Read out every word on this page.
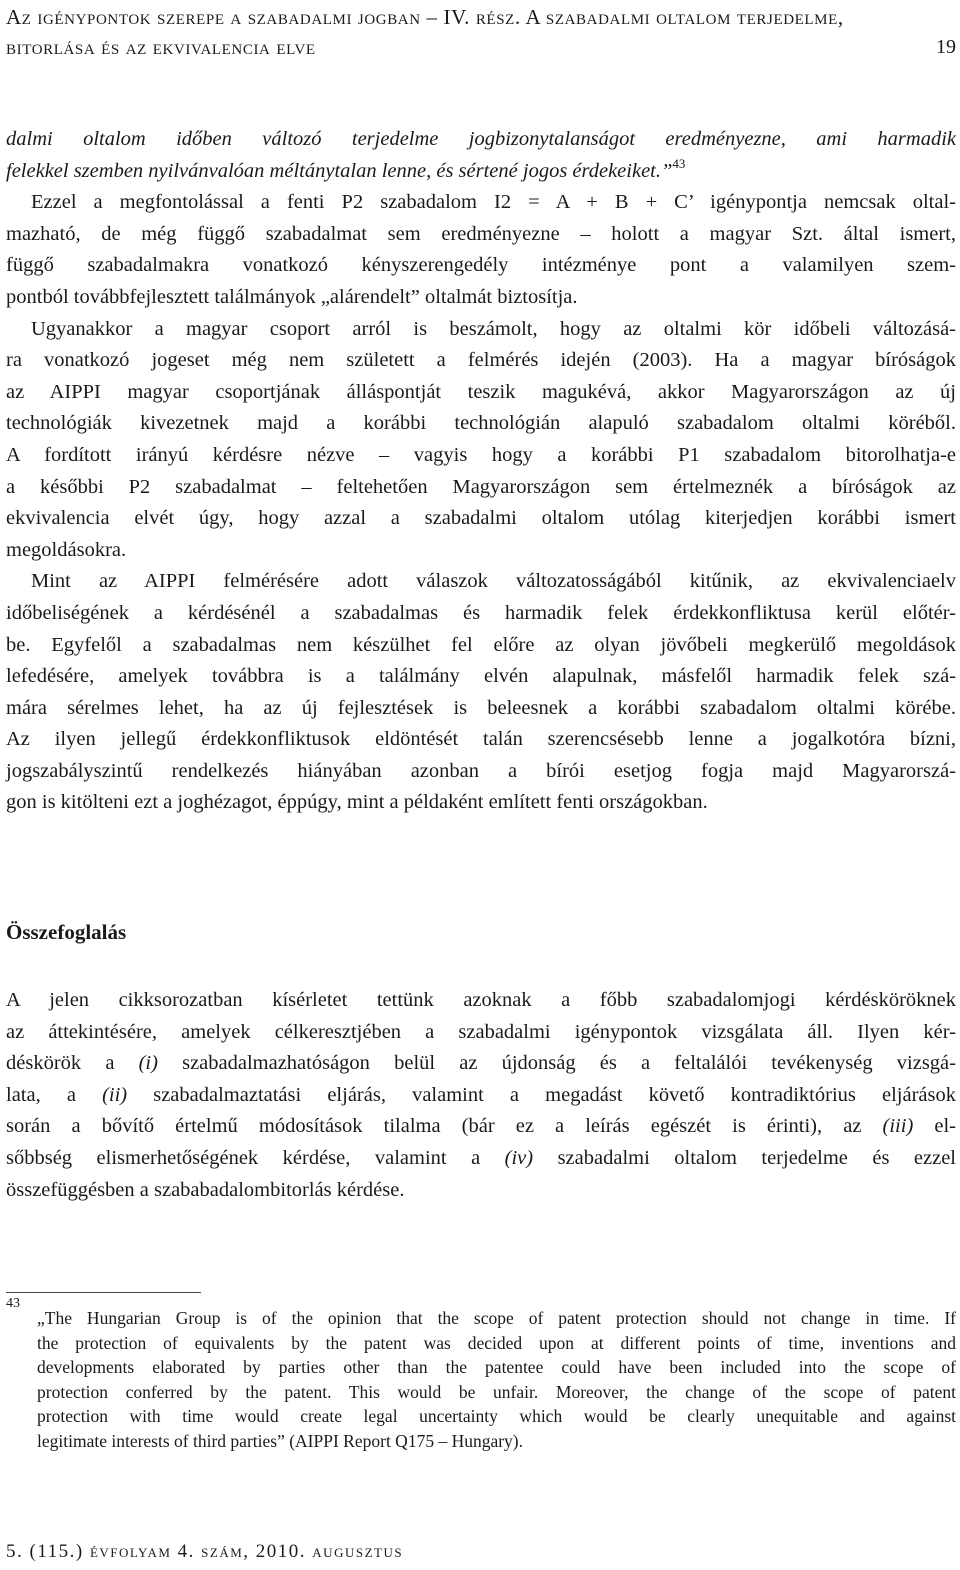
Az igénypontok szerepe a szabadalmi jogban – IV. rész. A szabadalmi oltalom terjedelme,
bitorlása és az ekvivalencia elve	19
dalmi oltalom időben változó terjedelme jogbizonytalanságot eredményezne, ami harmadik
felekkel szemben nyilvánvalóan méltánytalan lenne, és sértené jogos érdekeiket.”$^{43}$
Ezzel a megfontolással a fenti P2 szabadalom I2 = A + B + C’ igénypontja nemcsak oltal-
mazható, de még függő szabadalmat sem eredményezne – holott a magyar Szt. által ismert,
függő szabadalmakra vonatkozó kényszerengedély intézménye pont a valamilyen szem-
pontból továbbfejlesztett találmányok „alárendelt” oltalmát biztosítja.
Ugyanakkor a magyar csoport arról is beszámolt, hogy az oltalmi kör időbeli változásá-
ra vonatkozó jogeset még nem született a felmérés idején (2003). Ha a magyar bíróságok
az AIPPI magyar csoportjának álláspontját teszik magukévá, akkor Magyarországon az új
technológiák kivezetnek majd a korábbi technológián alapuló szabadalom oltalmi köréből.
A fordított irányú kérdésre nézve – vagyis hogy a korábbi P1 szabadalom bitorolhatja-e
a későbbi P2 szabadalmat – feltehetően Magyarországon sem értelmeznék a bíróságok az
ekvivalencia elvét úgy, hogy azzal a szabadalmi oltalom utólag kiterjedjen korábbi ismert
megoldásokra.
Mint az AIPPI felmérésére adott válaszok változatosságából kitűnik, az ekvivalenciaelv
időbeliségének a kérdésénél a szabadalmas és harmadik felek érdekkonfliktusa kerül előtér-
be. Egyfelől a szabadalmas nem készülhet fel előre az olyan jövőbeli megkerülő megoldások
lefedésére, amelyek továbbra is a találmány elvén alapulnak, másfelől harmadik felek szá-
mára sérelmes lehet, ha az új fejlesztések is beleesnek a korábbi szabadalom oltalmi körébe.
Az ilyen jellegű érdekkonfliktusok eldöntését talán szerencsésebb lenne a jogalkotóra bízni,
jogszabályszintű rendelkezés hiányában azonban a bírói esetjog fogja majd Magyarorszá-
gon is kitölteni ezt a joghézagot, éppúgy, mint a példaként említett fenti országokban.
Összefoglalás
A jelen cikksorozatban kísérletet tettünk azoknak a főbb szabadalomjogi kérdésköröknek
az áttekintésére, amelyek célkeresztjében a szabadalmi igénypontok vizsgálata áll. Ilyen kér-
déskörök a (i) szabadalmazhatóságon belül az újdonság és a feltalálói tevékenység vizsgá-
lata, a (ii) szabadalmaztatási eljárás, valamint a megadást követő kontradiktórius eljárások
során a bővítő értelmű módosítások tilalma (bár ez a leírás egészét is érinti), az (iii) el-
sőbbség elismerhetőségének kérdése, valamint a (iv) szabadalmi oltalom terjedelme és ezzel
összefüggésben a szababadalombitorlás kérdése.
43
„The Hungarian Group is of the opinion that the scope of patent protection should not change in time. If
the protection of equivalents by the patent was decided upon at different points of time, inventions and
developments elaborated by parties other than the patentee could have been included into the scope of
protection conferred by the patent. This would be unfair. Moreover, the change of the scope of patent
protection with time would create legal uncertainty which would be clearly unequitable and against
legitimate interests of third parties” (AIPPI Report Q175 – Hungary).
5. (115.) évfolyam 4. szám, 2010. augusztus
